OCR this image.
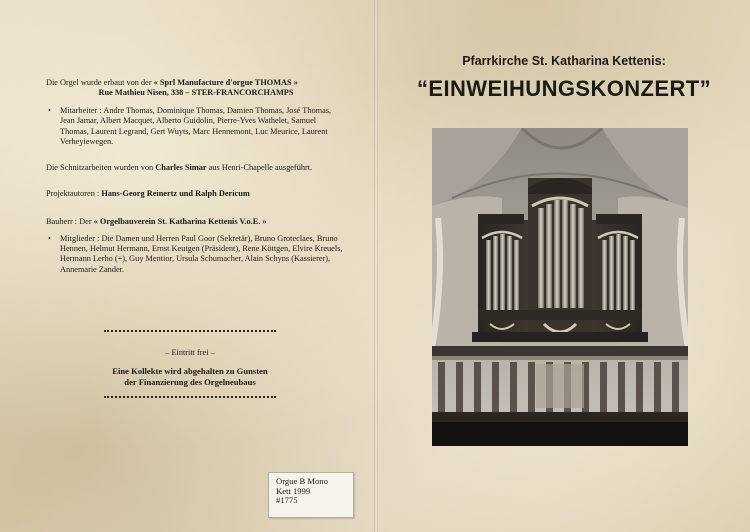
Die Orgel wurde erbaut von der « Sprl Manufacture d'orgue THOMAS »

Rue Mathieu Nisen, 338 – STER-FRANCORCHAMPS

• Mitarbeiter : Andre Thomas, Dominique Thomas, Damien Thomas, José Thomas, Jean Jamar, Albert Macquet, Alberto Guidolin, Pierre-Yves Wathelet, Samuel Thomas, Laurent Legrand, Gert Wuyts, Marc Hennemont, Luc Meurice, Laurent Verheyiewegen.

Die Schnitzarbeiten wurden von Charles Simar aus Henri-Chapelle ausgeführt.

Projektautoren : Hans-Georg Reinertz und Ralph Dericum

Bauherr : Der « Orgelbauverein St. Katharina Kettenis V.o.E. »

• Mitglieder : Die Damen und Herren Paul Goor (Sekretär), Bruno Groteclaes, Bruno Hennen, Helmut Hermann, Ernst Keutgen (Präsident), Rene Köttgen, Elvire Kreuels, Hermann Lerho (+), Guy Mentior, Ursula Schumacher, Alain Schyns (Kassierer), Annemarie Zander.

– Eintritt frei –
Eine Kollekte wird abgehalten zu Gunsten
der Finanzierung des Orgelneubaus
Orgue B Mono
Kett 1999
#1775
Pfarrkirche St. Katharina Kettenis:
“EINWEIHUNGSKONZERT”
